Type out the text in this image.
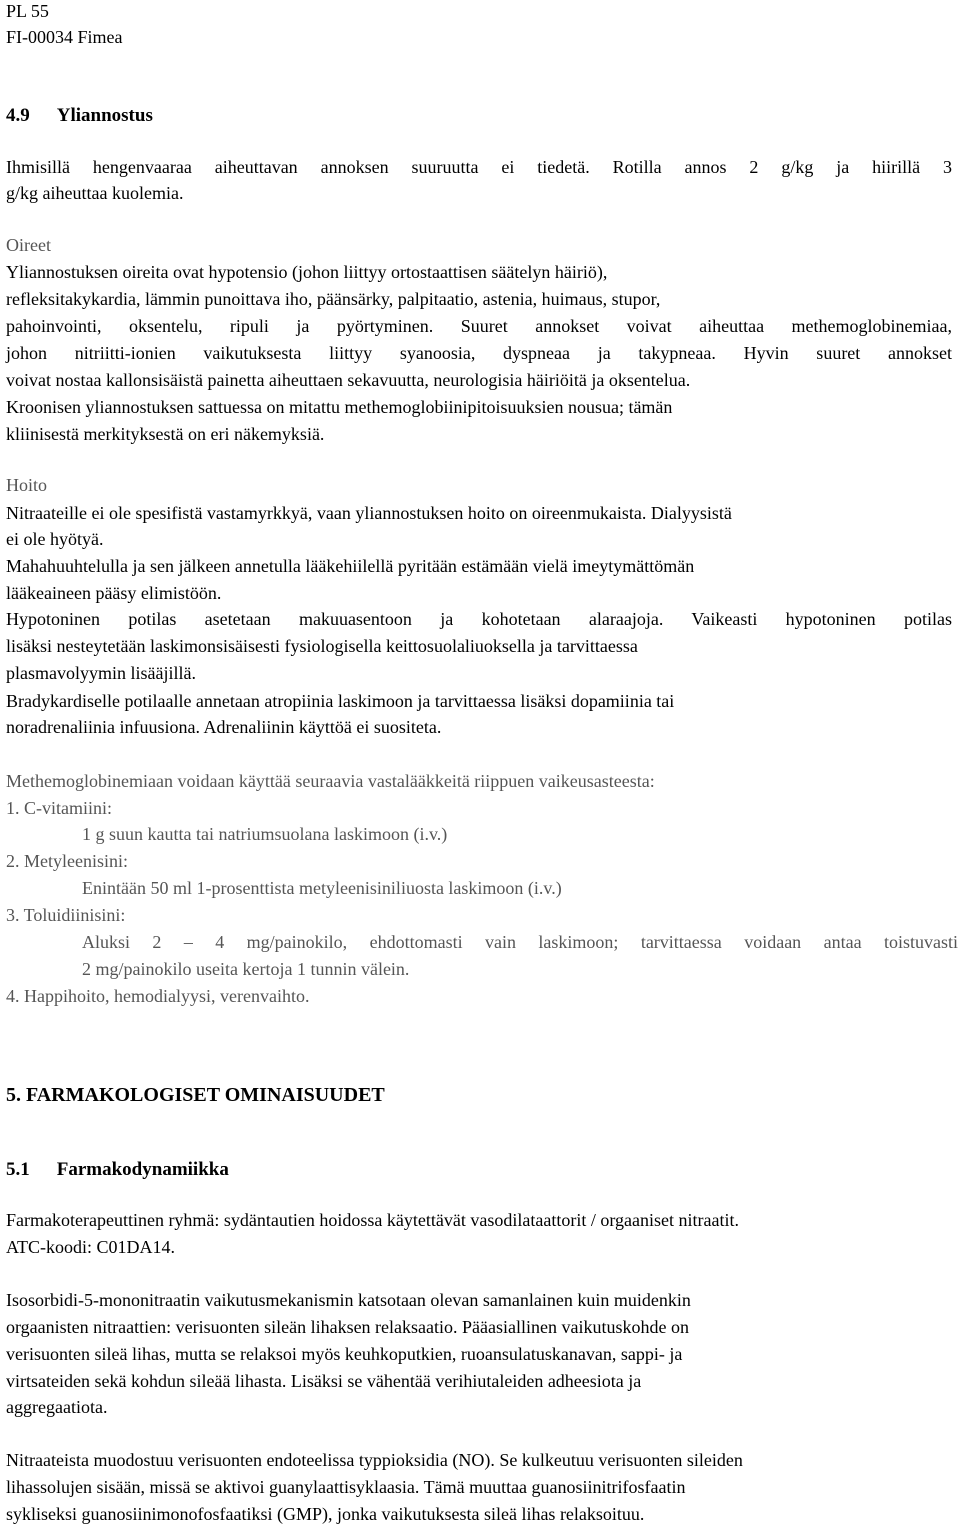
PL 55
FI-00034 Fimea
4.9 Yliannostus
Ihmisillä hengenvaaraa aiheuttavan annoksen suuruutta ei tiedetä. Rotilla annos 2 g/kg ja hiirillä 3
g/kg aiheuttaa kuolemia.
Oireet
Yliannostuksen oireita ovat hypotensio (johon liittyy ortostaattisen säätelyn häiriö),
refleksitakykardia, lämmin punoittava iho, päänsärky, palpitaatio, astenia, huimaus, stupor,
pahoinvointi, oksentelu, ripuli ja pyörtyminen. Suuret annokset voivat aiheuttaa methemoglobinemiaa,
johon nitriitti-ionien vaikutuksesta liittyy syanoosia, dyspneaa ja takypneaa. Hyvin suuret annokset
voivat nostaa kallonsisäistä painetta aiheuttaen sekavuutta, neurologisia häiriöitä ja oksentelua.
Kroonisen yliannostuksen sattuessa on mitattu methemoglobiinipitoisuuksien nousua; tämän
kliinisestä merkityksestä on eri näkemyksiä.
Hoito
Nitraateille ei ole spesifistä vastamyrkkyä, vaan yliannostuksen hoito on oireenmukaista. Dialyysistä
ei ole hyötyä.
Mahahuuhtelulla ja sen jälkeen annetulla lääkehiilellä pyritään estämään vielä imeytymättömän
lääkeaineen pääsy elimistöön.
Hypotoninen potilas asetetaan makuuasentoon ja kohotetaan alaraajoja. Vaikeasti hypotoninen potilas
lisäksi nesteytetään laskimonsisäisesti fysiologisella keittosuolaliuoksella ja tarvittaessa
plasmavolyymin lisääjillä.
Bradykardiselle potilaalle annetaan atropiinia laskimoon ja tarvittaessa lisäksi dopamiinia tai
noradrenaliinia infuusiona. Adrenaliinin käyttöä ei suositeta.
Methemoglobinemiaan voidaan käyttää seuraavia vastalääkkeitä riippuen vaikeusasteesta:
1. C-vitamiini:
1 g suun kautta tai natriumsuolana laskimoon (i.v.)
2. Metyleenisini:
Enintään 50 ml 1-prosenttista metyleenisiniliuosta laskimoon (i.v.)
3. Toluidiinisini:
Aluksi 2 – 4 mg/painokilo, ehdottomasti vain laskimoon; tarvittaessa voidaan antaa toistuvasti
2 mg/painokilo useita kertoja 1 tunnin välein.
4. Happihoito, hemodialyysi, verenvaihto.
5. FARMAKOLOGISET OMINAISUUDET
5.1 Farmakodynamiikka
Farmakoterapeuttinen ryhmä: sydäntautien hoidossa käytettävät vasodilataattorit / orgaaniset nitraatit.
ATC-koodi: C01DA14.
Isosorbidi-5-mononitraatin vaikutusmekanismin katsotaan olevan samanlainen kuin muidenkin
orgaanisten nitraattien: verisuonten sileän lihaksen relaksaatio. Pääasiallinen vaikutuskohde on
verisuonten sileä lihas, mutta se relaksoi myös keuhkoputkien, ruoansulatuskanavan, sappi- ja
virtsateiden sekä kohdun sileää lihasta. Lisäksi se vähentää verihiutaleiden adheesiota ja
aggregaatiota.
Nitraateista muodostuu verisuonten endoteelissa typpioksidia (NO). Se kulkeutuu verisuonten sileiden
lihassolujen sisään, missä se aktivoi guanylaattisyklaasia. Tämä muuttaa guanosiinitrifosfaatin
sykliseksi guanosiinimonofosfaatiksi (GMP), jonka vaikutuksesta sileä lihas relaksoituu.
